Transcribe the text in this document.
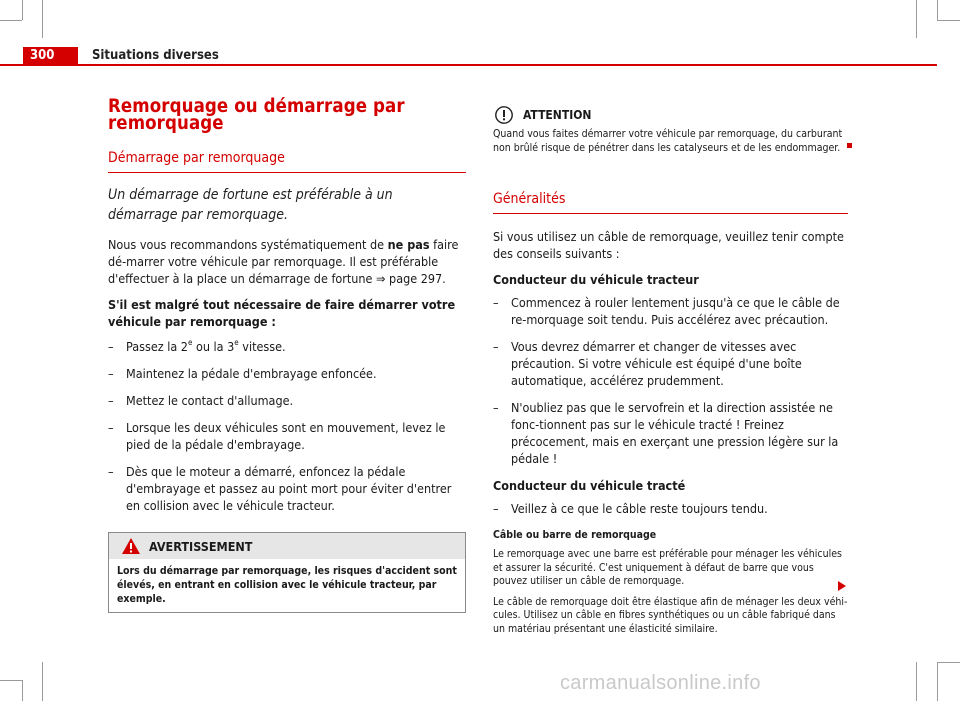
300	Situations diverses
Remorquage ou démarrage par remorquage
Démarrage par remorquage
Un démarrage de fortune est préférable à un démarrage par remorquage.

Nous vous recommandons systématiquement de ne pas faire dé-marrer votre véhicule par remorquage. Il est préférable d'effectuer à la place un démarrage de fortune ⇒ page 297.

S'il est malgré tout nécessaire de faire démarrer votre véhicule par remorquage :

– Passez la 2e ou la 3e vitesse.
– Maintenez la pédale d'embrayage enfoncée.
– Mettez le contact d'allumage.
– Lorsque les deux véhicules sont en mouvement, levez le pied de la pédale d'embrayage.
– Dès que le moteur a démarré, enfoncez la pédale d'embrayage et passez au point mort pour éviter d'entrer en collision avec le véhicule tracteur.
AVERTISSEMENT
Lors du démarrage par remorquage, les risques d'accident sont élevés, en entrant en collision avec le véhicule tracteur, par exemple.
ATTENTION

Quand vous faites démarrer votre véhicule par remorquage, du carburant non brûlé risque de pénétrer dans les catalyseurs et de les endommager.

Généralités

Si vous utilisez un câble de remorquage, veuillez tenir compte des conseils suivants :

Conducteur du véhicule tracteur

– Commencez à rouler lentement jusqu'à ce que le câble de re-morquage soit tendu. Puis accélérez avec précaution.
– Vous devrez démarrer et changer de vitesses avec précaution. Si votre véhicule est équipé d'une boîte automatique, accélérez prudemment.
– N'oubliez pas que le servofrein et la direction assistée ne fonc-tionnent pas sur le véhicule tracté ! Freinez précocement, mais en exerçant une pression légère sur la pédale !

Conducteur du véhicule tracté

– Veillez à ce que le câble reste toujours tendu.

Câble ou barre de remorquage

Le remorquage avec une barre est préférable pour ménager les véhicules et assurer la sécurité. C'est uniquement à défaut de barre que vous pouvez utiliser un câble de remorquage.

Le câble de remorquage doit être élastique afin de ménager les deux véhi-cules. Utilisez un câble en fibres synthétiques ou un câble fabriqué dans un matériau présentant une élasticité similaire.

carmanualsonline.info
